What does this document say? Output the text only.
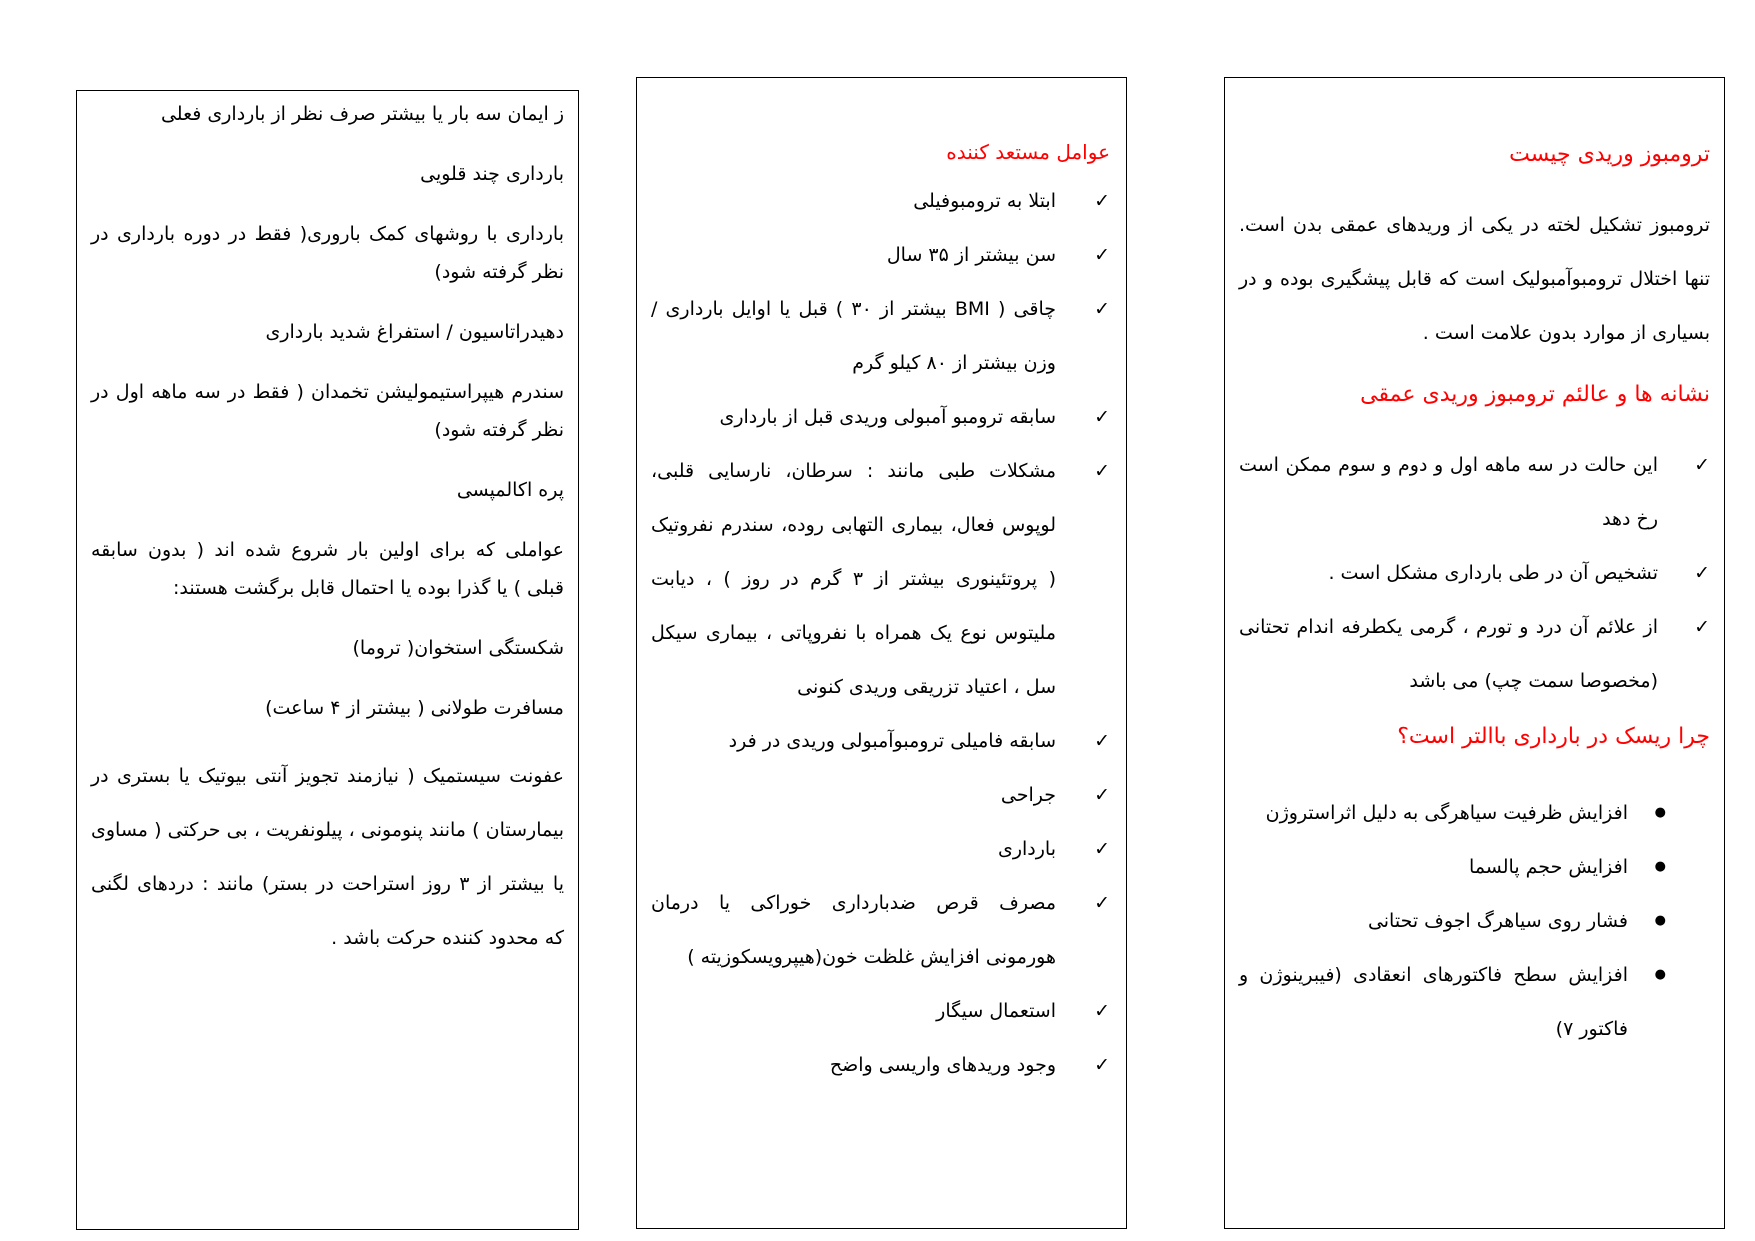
ترومبوز وریدی چیست

ترومبوز تشکیل لخته در یکی از وریدهای عمقی بدن است. تنها اختلال ترومبوآمبولیک است که قابل پیشگیری بوده و در بسیاری از موارد بدون علامت است .

نشانه ها و عالئم ترومبوز وریدی عمقی
✓
این حالت در سه ماهه اول و دوم و سوم ممکن است رخ دهد
✓
تشخیص آن در طی بارداری مشکل است .
✓
از علائم آن درد و تورم ، گرمی یکطرفه اندام تحتانی (مخصوصا سمت چپ) می باشد
چرا ریسک در بارداری باالتر است؟
●
افزایش ظرفیت سیاهرگی به دلیل اثراستروژن
●
افزایش حجم پالسما
●
فشار روی سیاهرگ اجوف تحتانی
●
افزایش سطح فاکتورهای انعقادی (فیبرینوژن و فاکتور ۷)
عوامل مستعد کننده
✓
ابتلا به ترومبوفیلی
✓
سن بیشتر از ۳۵ سال
✓
چاقی ( BMI بیشتر از ۳۰ ) قبل یا اوایل بارداری / وزن بیشتر از ۸۰ کیلو گرم
✓
سابقه ترومبو آمبولی وریدی قبل از بارداری
✓
مشکلات طبی مانند : سرطان، نارسایی قلبی، لوپوس فعال، بیماری التهابی روده، سندرم نفروتیک ( پروتئینوری بیشتر از ۳ گرم در روز ) ، دیابت ملیتوس نوع یک همراه با نفروپاتی ، بیماری سیکل سل ، اعتیاد تزریقی وریدی کنونی
✓
سابقه فامیلی ترومبوآمبولی وریدی در فرد
✓
جراحی
✓
بارداری
✓
مصرف قرص ضدبارداری خوراکی یا درمان هورمونی افزایش غلظت خون(هیپرویسکوزیته )
✓
استعمال سیگار
✓
وجود وریدهای واریسی واضح

ز ایمان سه بار یا بیشتر صرف نظر از بارداری فعلی

بارداری چند قلویی

بارداری با روشهای کمک باروری( فقط در دوره بارداری در نظر گرفته شود)

دهیدراتاسیون / استفراغ شدید بارداری

سندرم هیپراستیمولیشن تخمدان ( فقط در سه ماهه اول در نظر گرفته شود)

پره اکالمپسی

عواملی که برای اولین بار شروع شده اند ( بدون سابقه قبلی ) یا گذرا بوده یا احتمال قابل برگشت هستند:

شکستگی استخوان( تروما)

مسافرت طولانی ( بیشتر از ۴ ساعت)

عفونت سیستمیک ( نیازمند تجویز آنتی بیوتیک یا بستری در بیمارستان ) مانند پنومونی ، پیلونفریت ، بی حرکتی ( مساوی یا بیشتر از ۳ روز استراحت در بستر) مانند : دردهای لگنی که محدود کننده حرکت باشد .
